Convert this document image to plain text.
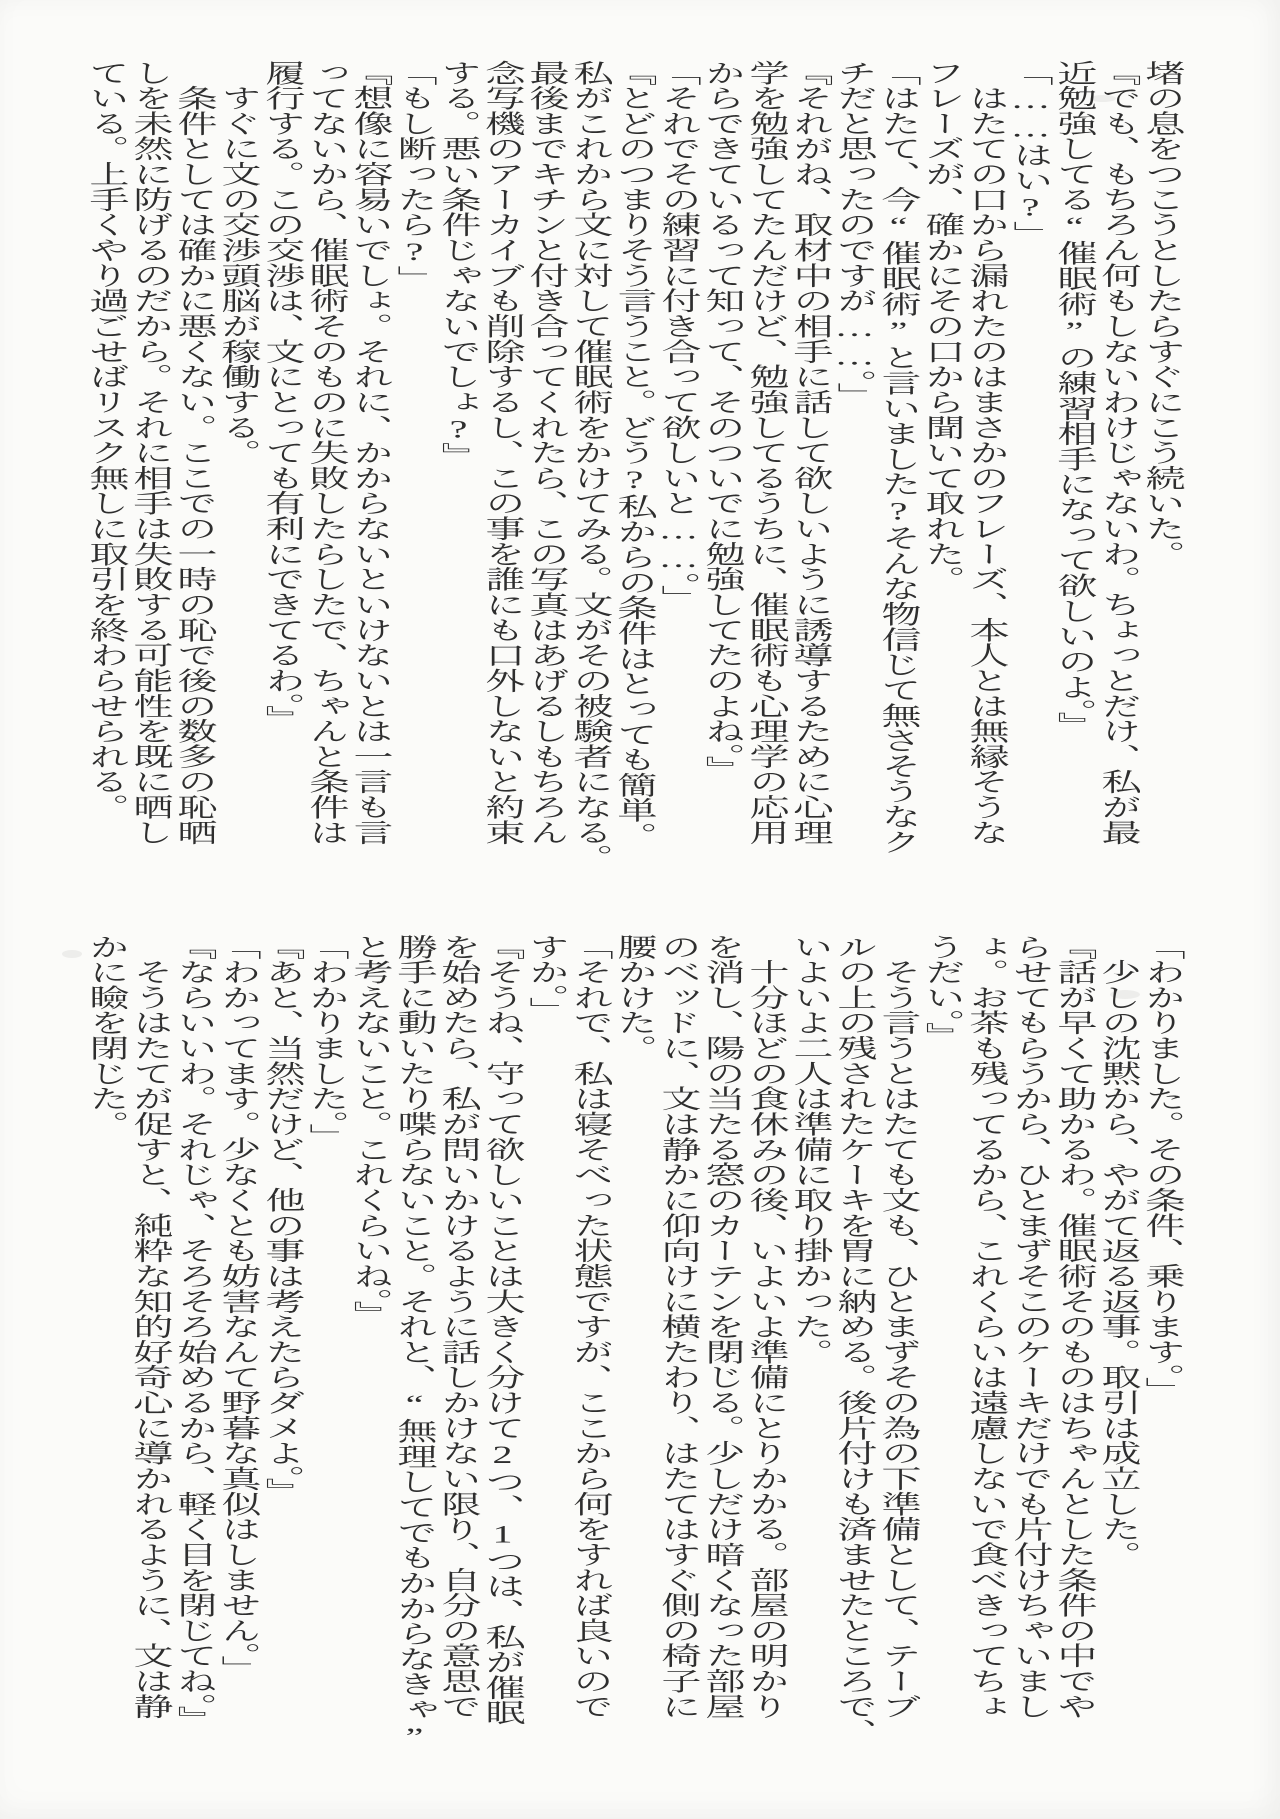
堵の息をつこうとしたらすぐにこう続いた。

『でも、もちろん何もしないわけじゃないわ。ちょっとだけ、私が最

近勉強してる“催眠術”の練習相手になって欲しいのよ。』

「……はい?」

　はたての口から漏れたのはまさかのフレーズ、本人とは無縁そうな

フレーズが、確かにその口から聞いて取れた。

「はたて、今“催眠術”と言いました?そんな物信じて無さそうなク

チだと思ったのですが……。」

『それがね、取材中の相手に話して欲しいように誘導するために心理

学を勉強してたんだけど、勉強してるうちに、催眠術も心理学の応用

からできているって知って、そのついでに勉強してたのよね。』

「それでその練習に付き合って欲しいと……。」

『とどのつまりそう言うこと。どう?私からの条件はとっても簡単。

私がこれから文に対して催眠術をかけてみる。文がその被験者になる。

最後までキチンと付き合ってくれたら、この写真はあげるしもちろん

念写機のアーカイブも削除するし、この事を誰にも口外しないと約束

する。悪い条件じゃないでしょ?』

「もし断ったら?」

『想像に容易いでしょ。それに、かからないといけないとは一言も言

ってないから、催眠術そのものに失敗したらしたで、ちゃんと条件は

履行する。この交渉は、文にとっても有利にできてるわ。』

　すぐに文の交渉頭脳が稼働する。

　条件としては確かに悪くない。ここでの一時の恥で後の数多の恥晒

しを未然に防げるのだから。それに相手は失敗する可能性を既に晒し

ている。上手くやり過ごせばリスク無しに取引を終わらせられる。

「わかりました。その条件、乗ります。」

　少しの沈黙から、やがて返る返事。取引は成立した。

『話が早くて助かるわ。催眠術そのものはちゃんとした条件の中でや

らせてもらうから、ひとまずそこのケーキだけでも片付けちゃいまし

ょ。お茶も残ってるから、これくらいは遠慮しないで食べきってちょ

うだい。』

　そう言うとはたても文も、ひとまずその為の下準備として、テーブ

ルの上の残されたケーキを胃に納める。後片付けも済ませたところで、

いよいよ二人は準備に取り掛かった。

　十分ほどの食休みの後、いよいよ準備にとりかかる。部屋の明かり

を消し、陽の当たる窓のカーテンを閉じる。少しだけ暗くなった部屋

のベッドに、文は静かに仰向けに横たわり、はたてはすぐ側の椅子に

腰かけた。

「それで、私は寝そべった状態ですが、ここから何をすれば良いので

すか。」

『そうね、守って欲しいことは大きく分けて2つ、1つは、私が催眠

を始めたら、私が問いかけるように話しかけない限り、自分の意思で

勝手に動いたり喋らないこと。それと、“無理してでもかからなきゃ”

と考えないこと。これくらいね。』

「わかりました。」

『あと、当然だけど、他の事は考えたらダメよ。』

「わかってます。少なくとも妨害なんて野暮な真似はしません。」

『ならいいわ。それじゃ、そろそろ始めるから、軽く目を閉じてね。』

　そうはたてが促すと、純粋な知的好奇心に導かれるように、文は静

かに瞼を閉じた。
